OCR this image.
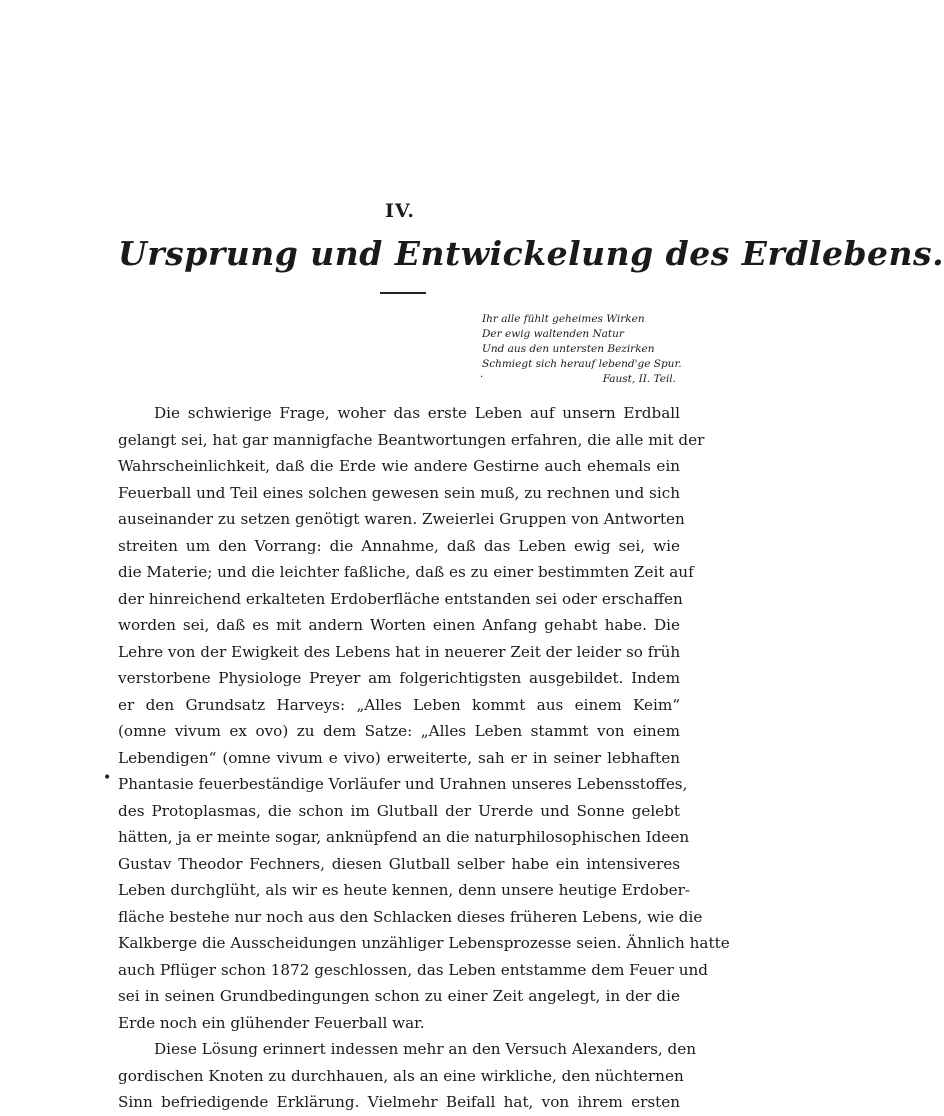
IV.
Ursprung und Entwickelung des Erdlebens.
Ihr alle fühlt geheimes Wirken
Der ewig waltenden Natur
Und aus den untersten Bezirken
Schmiegt sich herauf lebend'ge Spur.
Faust, II. Teil.
.
Die schwierige Frage, woher das erste Leben auf unsern Erdball
gelangt sei, hat gar mannigfache Beantwortungen erfahren, die alle mit der
Wahrscheinlichkeit, daß die Erde wie andere Gestirne auch ehemals ein
Feuerball und Teil eines solchen gewesen sein muß, zu rechnen und sich
auseinander zu setzen genötigt waren. Zweierlei Gruppen von Antworten
streiten um den Vorrang: die Annahme, daß das Leben ewig sei, wie
die Materie; und die leichter faßliche, daß es zu einer bestimmten Zeit auf
der hinreichend erkalteten Erdoberfläche entstanden sei oder erschaffen
worden sei, daß es mit andern Worten einen Anfang gehabt habe. Die
Lehre von der Ewigkeit des Lebens hat in neuerer Zeit der leider so früh
verstorbene Physiologe Preyer am folgerichtigsten ausgebildet. Indem
er den Grundsatz Harveys: „Alles Leben kommt aus einem Keim“
(omne vivum ex ovo) zu dem Satze: „Alles Leben stammt von einem
Lebendigen“ (omne vivum e vivo) erweiterte, sah er in seiner lebhaften
Phantasie feuerbeständige Vorläufer und Urahnen unseres Lebensstoffes,
des Protoplasmas, die schon im Glutball der Urerde und Sonne gelebt
hätten, ja er meinte sogar, anknüpfend an die naturphilosophischen Ideen
Gustav Theodor Fechners, diesen Glutball selber habe ein intensiveres
Leben durchglüht, als wir es heute kennen, denn unsere heutige Erdober-
fläche bestehe nur noch aus den Schlacken dieses früheren Lebens, wie die
Kalkberge die Ausscheidungen unzähliger Lebensprozesse seien. Ähnlich hatte
auch Pflüger schon 1872 geschlossen, das Leben entstamme dem Feuer und
sei in seinen Grundbedingungen schon zu einer Zeit angelegt, in der die
Erde noch ein glühender Feuerball war.
Diese Lösung erinnert indessen mehr an den Versuch Alexanders, den
gordischen Knoten zu durchhauen, als an eine wirkliche, den nüchternen
Sinn befriedigende Erklärung. Vielmehr Beifall hat, von ihrem ersten
•
